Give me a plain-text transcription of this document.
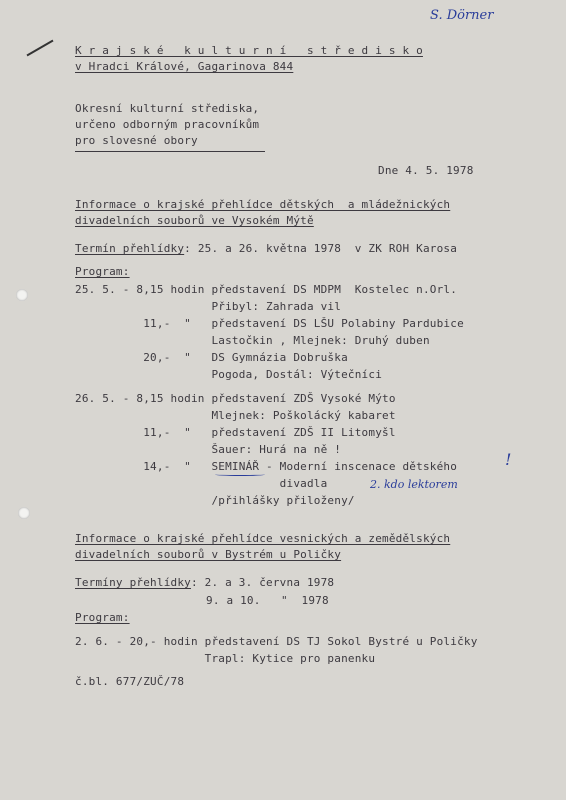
S. Dörner
K r a j s k é   k u l t u r n í   s t ř e d i s k o
v Hradci Králové, Gagarinova 844
Okresní kulturní střediska,
určeno odborným pracovníkům
pro slovesné obory
Dne 4. 5. 1978
Informace o krajské přehlídce dětských  a mládežnických
divadelních souborů ve Vysokém Mýtě
Termín přehlídky: 25. a 26. května 1978  v ZK ROH Karosa
Program:
25. 5. - 8,15 hodin představení DS MDPM  Kostelec n.Orl.
Přibyl: Zahrada vil
11,-  "   představení DS LŠU Polabiny Pardubice
Lastočkin , Mlejnek: Druhý duben
20,-  "   DS Gymnázia Dobruška
Pogoda, Dostál: Výtečníci
26. 5. - 8,15 hodin představení ZDŠ Vysoké Mýto
Mlejnek: Poškolácký kabaret
11,-  "   představení ZDŠ II Litomyšl
Šauer: Hurá na ně !
14,-  "   SEMINÁŘ - Moderní inscenace dětského
divadla
/přihlášky přiloženy/
2. kdo lektorem
!
Informace o krajské přehlídce vesnických a zemědělských
divadelních souborů v Bystrém u Poličky
Termíny přehlídky: 2. a 3. června 1978
9. a 10.   "  1978
Program:
2. 6. - 20,- hodin představení DS TJ Sokol Bystré u Poličky
Trapl: Kytice pro panenku
č.bl. 677/ZUČ/78
